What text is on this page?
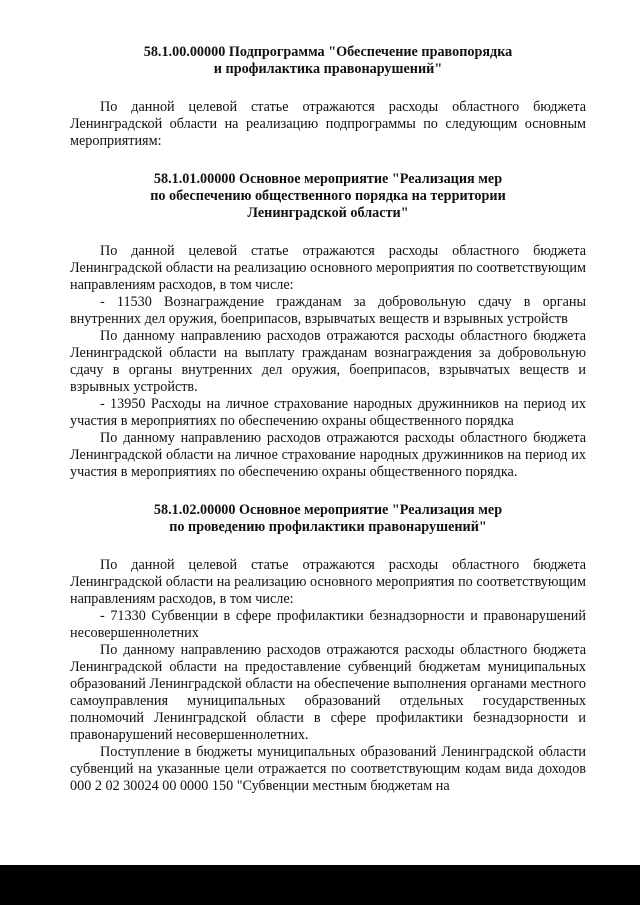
58.1.00.00000 Подпрограмма "Обеспечение правопорядка
и профилактика правонарушений"

По данной целевой статье отражаются расходы областного бюджета Ленинградской области на реализацию подпрограммы по следующим основным мероприятиям:

58.1.01.00000 Основное мероприятие "Реализация мер
по обеспечению общественного порядка на территории
Ленинградской области"

По данной целевой статье отражаются расходы областного бюджета Ленинградской области на реализацию основного мероприятия по соответствующим направлениям расходов, в том числе:

- 11530 Вознаграждение гражданам за добровольную сдачу в органы внутренних дел оружия, боеприпасов, взрывчатых веществ и взрывных устройств

По данному направлению расходов отражаются расходы областного бюджета Ленинградской области на выплату гражданам вознаграждения за добровольную сдачу в органы внутренних дел оружия, боеприпасов, взрывчатых веществ и взрывных устройств.

- 13950 Расходы на личное страхование народных дружинников на период их участия в мероприятиях по обеспечению охраны общественного порядка

По данному направлению расходов отражаются расходы областного бюджета Ленинградской области на личное страхование народных дружинников на период их участия в мероприятиях по обеспечению охраны общественного порядка.

58.1.02.00000 Основное мероприятие "Реализация мер
по проведению профилактики правонарушений"

По данной целевой статье отражаются расходы областного бюджета Ленинградской области на реализацию основного мероприятия по соответствующим направлениям расходов, в том числе:

- 71330 Субвенции в сфере профилактики безнадзорности и правонарушений несовершеннолетних

По данному направлению расходов отражаются расходы областного бюджета Ленинградской области на предоставление субвенций бюджетам муниципальных образований Ленинградской области на обеспечение выполнения органами местного самоуправления муниципальных образований отдельных государственных полномочий Ленинградской области в сфере профилактики безнадзорности и правонарушений несовершеннолетних.

Поступление в бюджеты муниципальных образований Ленинградской области субвенций на указанные цели отражается по соответствующим кодам вида доходов 000 2 02 30024 00 0000 150 "Субвенции местным бюджетам на
